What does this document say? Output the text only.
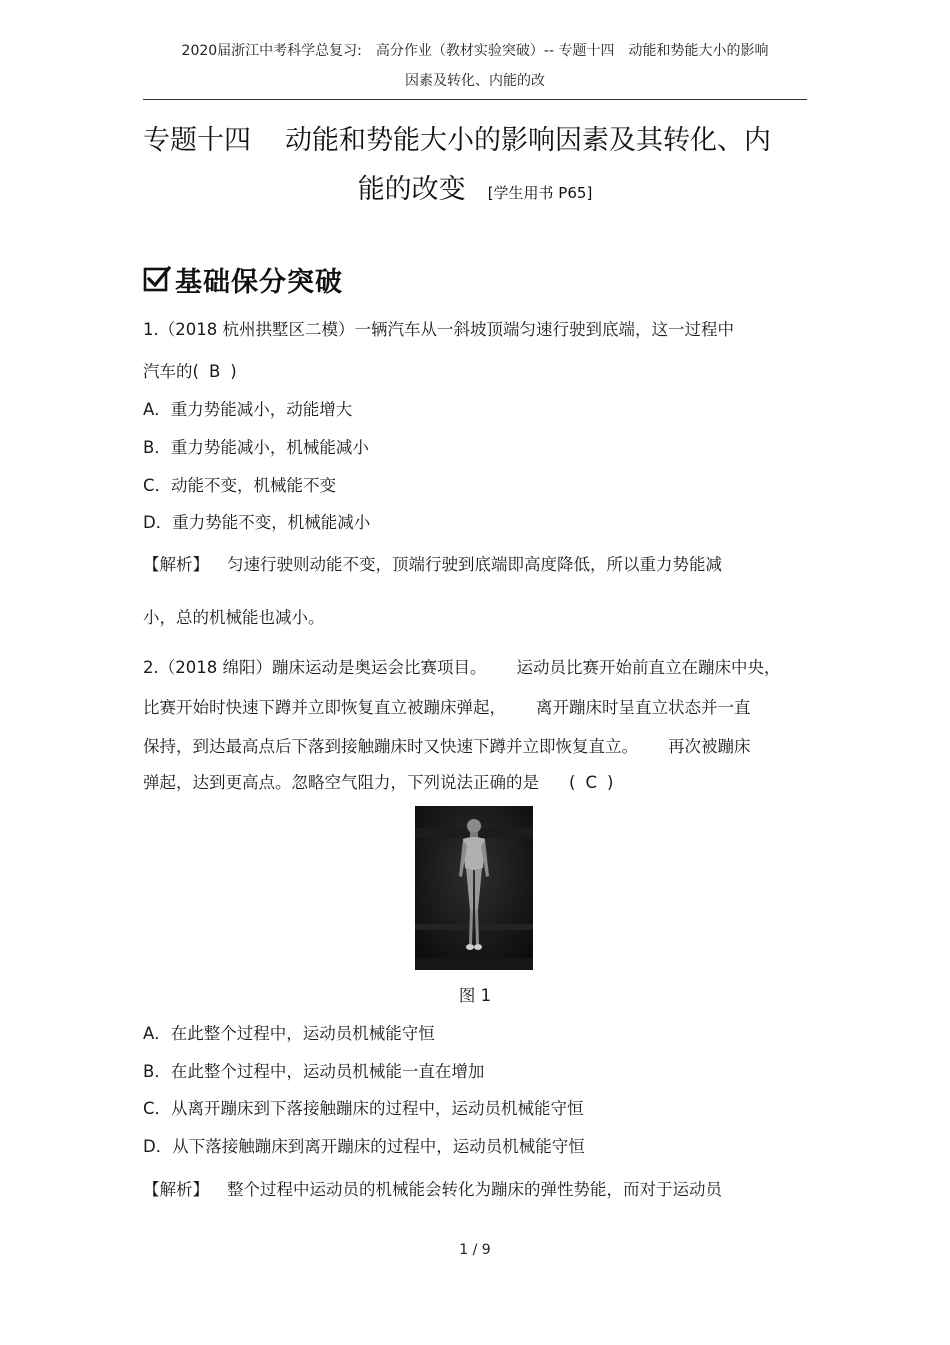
2020届浙江中考科学总复习:　高分作业（教材实验突破）-- 专题十四　动能和势能大小的影响
因素及转化、内能的改
专题十四 动能和势能大小的影响因素及其转化、内
能的改变 [学生用书 P65]
基础保分突破
1.（2018 杭州拱墅区二模）一辆汽车从一斜坡顶端匀速行驶到底端，这一过程中
汽车的( B )
A．重力势能减小，动能增大
B．重力势能减小，机械能减小
C．动能不变，机械能不变
D．重力势能不变，机械能减小
【解析】 匀速行驶则动能不变，顶端行驶到底端即高度降低，所以重力势能减
小，总的机械能也减小。
2.（2018 绵阳）蹦床运动是奥运会比赛项目。 运动员比赛开始前直立在蹦床中央，
比赛开始时快速下蹲并立即恢复直立被蹦床弹起， 离开蹦床时呈直立状态并一直
保持，到达最高点后下落到接触蹦床时又快速下蹲并立即恢复直立。 再次被蹦床
弹起，达到更高点。忽略空气阻力，下列说法正确的是 ( C )
图 1
A．在此整个过程中，运动员机械能守恒
B．在此整个过程中，运动员机械能一直在增加
C．从离开蹦床到下落接触蹦床的过程中，运动员机械能守恒
D．从下落接触蹦床到离开蹦床的过程中，运动员机械能守恒
【解析】 整个过程中运动员的机械能会转化为蹦床的弹性势能，而对于运动员
1 / 9
